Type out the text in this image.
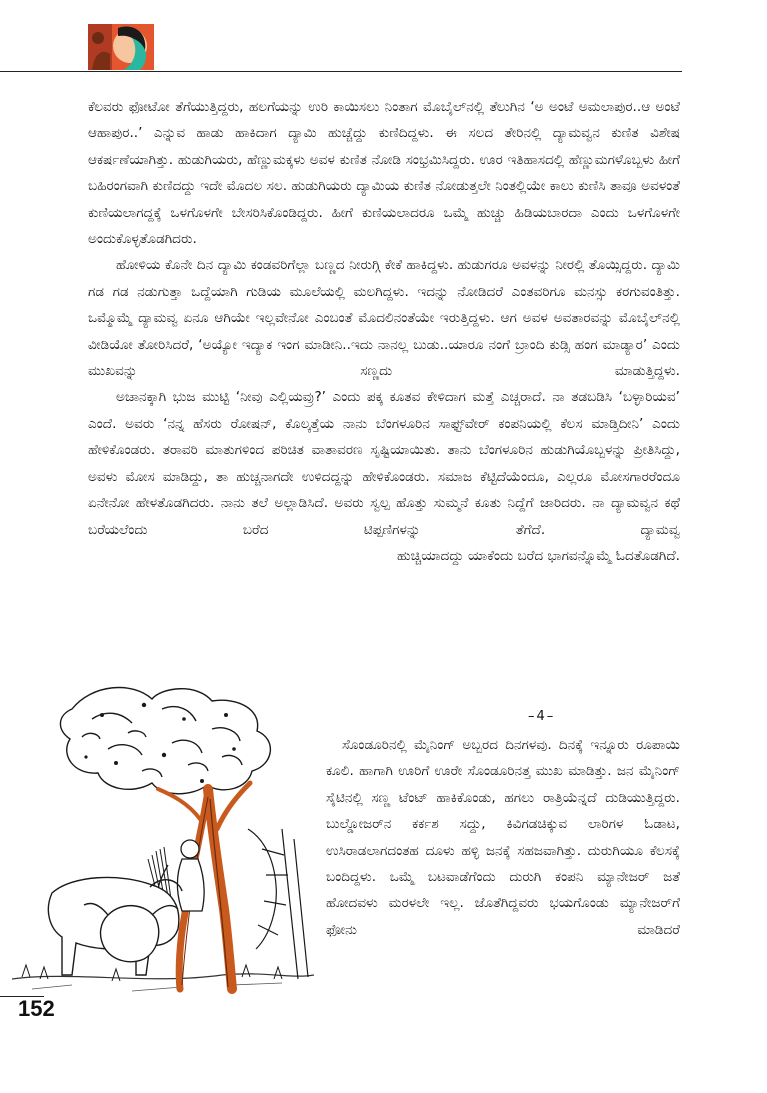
ಕೆಲವರು ಫೋಟೋ ತೆಗೆಯುತ್ತಿದ್ದರು, ಹಲಗೆಯನ್ನು ಉರಿ ಕಾಯಿಸಲು ನಿಂತಾಗ ಮೊಬೈಲ್‌ನಲ್ಲಿ ತೆಲುಗಿನ ‘ಅ ಅಂಟೆ ಅಮಲಾಪುರ..ಆ ಅಂಟೆ ಆಹಾಪುರ..’ ಎನ್ನುವ ಹಾಡು ಹಾಕಿದಾಗ ದ್ಯಾಮಿ ಹುಚ್ಚೆದ್ದು ಕುಣಿದಿದ್ದಳು. ಈ ಸಲದ ತೇರಿನಲ್ಲಿ ದ್ಯಾಮವ್ವನ ಕುಣಿತ ವಿಶೇಷ ಆಕರ್ಷಣೆಯಾಗಿತ್ತು. ಹುಡುಗಿಯರು, ಹೆಣ್ಣುಮಕ್ಕಳು ಅವಳ ಕುಣಿತ ನೋಡಿ ಸಂಭ್ರಮಿಸಿದ್ದರು. ಊರ ಇತಿಹಾಸದಲ್ಲಿ ಹೆಣ್ಣುಮಗಳೊಬ್ಬಳು ಹೀಗೆ ಬಹಿರಂಗವಾಗಿ ಕುಣಿದದ್ದು ಇದೇ ಮೊದಲ ಸಲ. ಹುಡುಗಿಯರು ದ್ಯಾಮಿಯ ಕುಣಿತ ನೋಡುತ್ತಲೇ ನಿಂತಲ್ಲಿಯೇ ಕಾಲು ಕುಣಿಸಿ ತಾವೂ ಅವಳಂತೆ ಕುಣಿಯಲಾಗದ್ದಕ್ಕೆ ಒಳಗೊಳಗೇ ಬೇಸರಿಸಿಕೊಂಡಿದ್ದರು. ಹೀಗೆ ಕುಣಿಯಲಾದರೂ ಒಮ್ಮೆ ಹುಚ್ಚು ಹಿಡಿಯಬಾರದಾ ಎಂದು ಒಳಗೊಳಗೇ ಅಂದುಕೊಳ್ಳತೊಡಗಿದರು.

ಹೋಳಿಯ ಕೊನೇ ದಿನ ದ್ಯಾಮಿ ಕಂಡವರಿಗೆಲ್ಲಾ ಬಣ್ಣದ ನೀರುಗ್ಗಿ ಕೇಕೆ ಹಾಕಿದ್ದಳು. ಹುಡುಗರೂ ಅವಳನ್ನು ನೀರಲ್ಲಿ ತೊಯ್ಸಿದ್ದರು. ದ್ಯಾಮಿ ಗಡ ಗಡ ನಡುಗುತ್ತಾ ಒದ್ದೆಯಾಗಿ ಗುಡಿಯ ಮೂಲೆಯಲ್ಲಿ ಮಲಗಿದ್ದಳು. ಇದನ್ನು ನೋಡಿದರೆ ಎಂತವರಿಗೂ ಮನಸ್ಸು ಕರಗುವಂತಿತ್ತು. ಒಮ್ಮೊಮ್ಮೆ ದ್ಯಾಮವ್ವ ಏನೂ ಆಗಿಯೇ ಇಲ್ಲವೇನೋ ಎಂಬಂತೆ ಮೊದಲಿನಂತೆಯೇ ಇರುತ್ತಿದ್ದಳು. ಆಗ ಅವಳ ಅವತಾರವನ್ನು ಮೊಬೈಲ್‌ನಲ್ಲಿ ವೀಡಿಯೋ ತೋರಿಸಿದರೆ, ‘ಅಯ್ಯೋ ಇದ್ಯಾಕ ಇಂಗ ಮಾಡೀನಿ..ಇದು ನಾನಲ್ಲ ಬುಡು..ಯಾರೂ ನಂಗೆ ಬ್ರಾಂದಿ ಕುಡ್ಸಿ ಹಂಗ ಮಾಡ್ಯಾರ’ ಎಂದು ಮುಖವನ್ನು ಸಣ್ಣದು ಮಾಡುತ್ತಿದ್ದಳು.

ಅಚಾನಕ್ಕಾಗಿ ಭುಜ ಮುಟ್ಟಿ ‘ನೀವು ಎಲ್ಲಿಯವ್ರು?’ ಎಂದು ಪಕ್ಕ ಕೂತವ ಕೇಳಿದಾಗ ಮತ್ತೆ ಎಚ್ಚರಾದೆ. ನಾ ತಡಬಡಿಸಿ ‘ಬಳ್ಳಾರಿಯವ’ ಎಂದೆ. ಅವರು ‘ನನ್ನ ಹೆಸರು ರೋಷನ್, ಕೊಲ್ಕತ್ತೆಯ ನಾನು ಬೆಂಗಳೂರಿನ ಸಾಫ್ಟ್‌ವೇರ್ ಕಂಪನಿಯಲ್ಲಿ ಕೆಲಸ ಮಾಡ್ತಿದೀನಿ’ ಎಂದು ಹೇಳಿಕೊಂಡರು. ತರಾವರಿ ಮಾತುಗಳಿಂದ ಪರಿಚಿತ ವಾತಾವರಣ ಸೃಷ್ಟಿಯಾಯಿತು. ತಾನು ಬೆಂಗಳೂರಿನ ಹುಡುಗಿಯೊಬ್ಬಳನ್ನು ಪ್ರೀತಿಸಿದ್ದು, ಅವಳು ಮೋಸ ಮಾಡಿದ್ದು, ತಾ ಹುಚ್ಚನಾಗದೇ ಉಳಿದದ್ದನ್ನು ಹೇಳಿಕೊಂಡರು. ಸಮಾಜ ಕೆಟ್ಟಿದೆಯೆಂದೂ, ಎಲ್ಲರೂ ಮೋಸಗಾರರೆಂದೂ ಏನೇನೋ ಹೇಳತೊಡಗಿದರು. ನಾನು ತಲೆ ಅಲ್ಲಾಡಿಸಿದೆ. ಅವರು ಸ್ವಲ್ಪ ಹೊತ್ತು ಸುಮ್ಮನೆ ಕೂತು ನಿದ್ದೆಗೆ ಜಾರಿದರು. ನಾ ದ್ಯಾಮವ್ವನ ಕಥೆ ಬರೆಯಲೆಂದು ಬರೆದ ಟಿಪ್ಪಣಿಗಳನ್ನು ತೆಗೆದೆ. ದ್ಯಾಮವ್ವ

ಹುಚ್ಚಿಯಾದದ್ದು ಯಾಕೆಂದು ಬರೆದ ಭಾಗವನ್ನೊಮ್ಮೆ ಓದತೊಡಗಿದೆ.

–4–

ಸೊಂಡೂರಿನಲ್ಲಿ ಮೈನಿಂಗ್ ಅಬ್ಬರದ ದಿನಗಳವು. ದಿನಕ್ಕೆ ಇನ್ನೂರು ರೂಪಾಯಿ ಕೂಲಿ. ಹಾಗಾಗಿ ಊರಿಗೆ ಊರೇ ಸೊಂಡೂರಿನತ್ತ ಮುಖ ಮಾಡಿತ್ತು. ಜನ ಮೈನಿಂಗ್ ಸೈಟಿನಲ್ಲಿ ಸಣ್ಣ ಟೆಂಟ್ ಹಾಕಿಕೊಂಡು, ಹಗಲು ರಾತ್ರಿಯೆನ್ನದೆ ದುಡಿಯುತ್ತಿದ್ದರು. ಬುಲ್ಡೋಜರ್‌ನ ಕರ್ಕಶ ಸದ್ದು, ಕಿವಿಗಡಚಿಕ್ಕುವ ಲಾರಿಗಳ ಓಡಾಟ, ಉಸಿರಾಡಲಾಗದಂತಹ ದೂಳು ಹಳ್ಳಿ ಜನಕ್ಕೆ ಸಹಜವಾಗಿತ್ತು. ದುರುಗಿಯೂ ಕೆಲಸಕ್ಕೆ ಬಂದಿದ್ದಳು. ಒಮ್ಮೆ ಬಟವಾಡೆಗೆಂದು ದುರುಗಿ ಕಂಪನಿ ಮ್ಯಾನೇಜರ್ ಜತೆ ಹೋದವಳು ಮರಳಲೇ ಇಲ್ಲ. ಜೊತೆಗಿದ್ದವರು ಭಯಗೊಂಡು ಮ್ಯಾನೇಜರ್‌ಗೆ ಫೋನು ಮಾಡಿದರೆ

152
